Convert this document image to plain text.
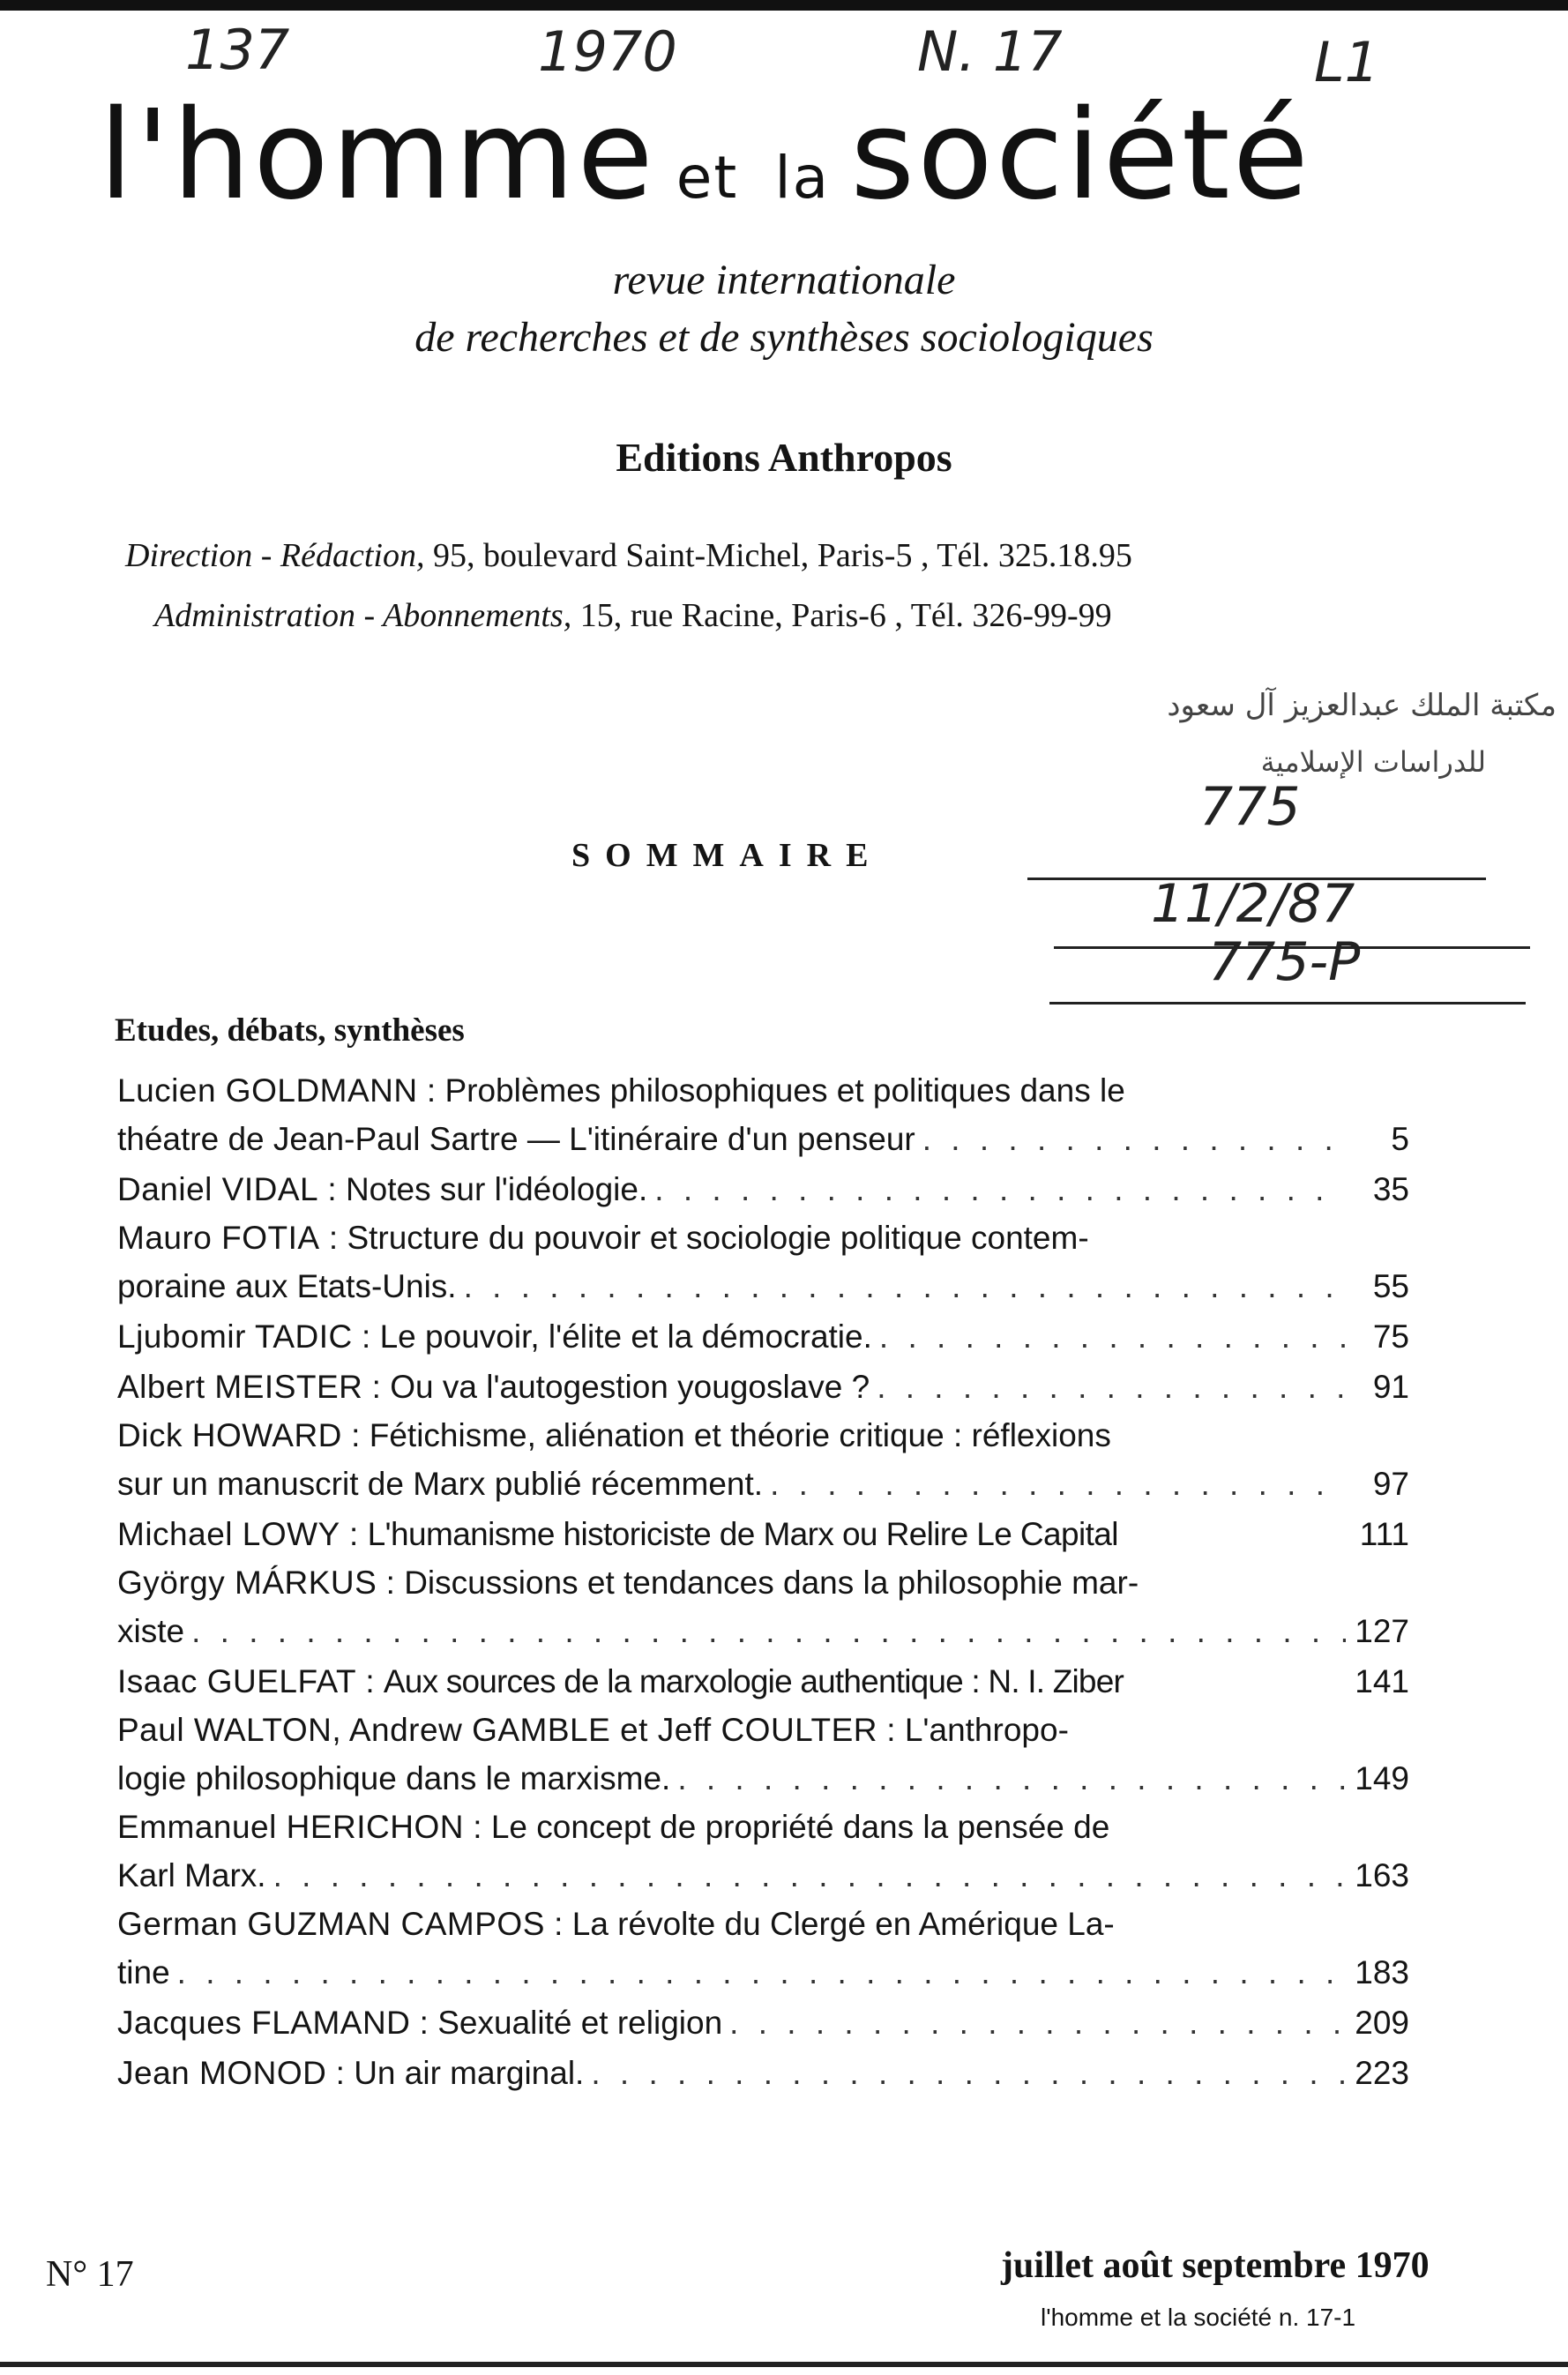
137	1970	N. 17	L1
l'homme et la société
revue internationale
de recherches et de synthèses sociologiques
Editions Anthropos
Direction - Rédaction, 95, boulevard Saint-Michel, Paris-5 , Tél. 325.18.95
Administration - Abonnements, 15, rue Racine, Paris-6 , Tél. 326-99-99
مكتبة الملك عبدالعزيز آل سعود
للدراسات الإسلامية
775
11/2/87
775-P
SOMMAIRE
Etudes, débats, synthèses
Lucien GOLDMANN : Problèmes philosophiques et politiques dans le
théatre de Jean-Paul Sartre — L'itinéraire d'un penseur . . .	5
Daniel VIDAL : Notes sur l'idéologie. . . .	35
Mauro FOTIA : Structure du pouvoir et sociologie politique contem-
poraine aux Etats-Unis. . . .	55
Ljubomir TADIC : Le pouvoir, l'élite et la démocratie. . . .	75
Albert MEISTER : Ou va l'autogestion yougoslave ? . . .	91
Dick HOWARD : Fétichisme, aliénation et théorie critique : réflexions
sur un manuscrit de Marx publié récemment. . . .	97
Michael LOWY : L'humanisme historiciste de Marx ou Relire Le Capital	111
György MÁRKUS : Discussions et tendances dans la philosophie mar-
xiste . . .	127
Isaac GUELFAT : Aux sources de la marxologie authentique : N. I. Ziber	141
Paul WALTON, Andrew GAMBLE et Jeff COULTER : L'anthropo-
logie philosophique dans le marxisme. . . .	149
Emmanuel HERICHON : Le concept de propriété dans la pensée de
Karl Marx. . . .	163
German GUZMAN CAMPOS : La révolte du Clergé en Amérique La-
tine . . .	183
Jacques FLAMAND : Sexualité et religion . . .	209
Jean MONOD : Un air marginal. . . .	223
N° 17	juillet août septembre 1970
l'homme et la société n. 17-1
